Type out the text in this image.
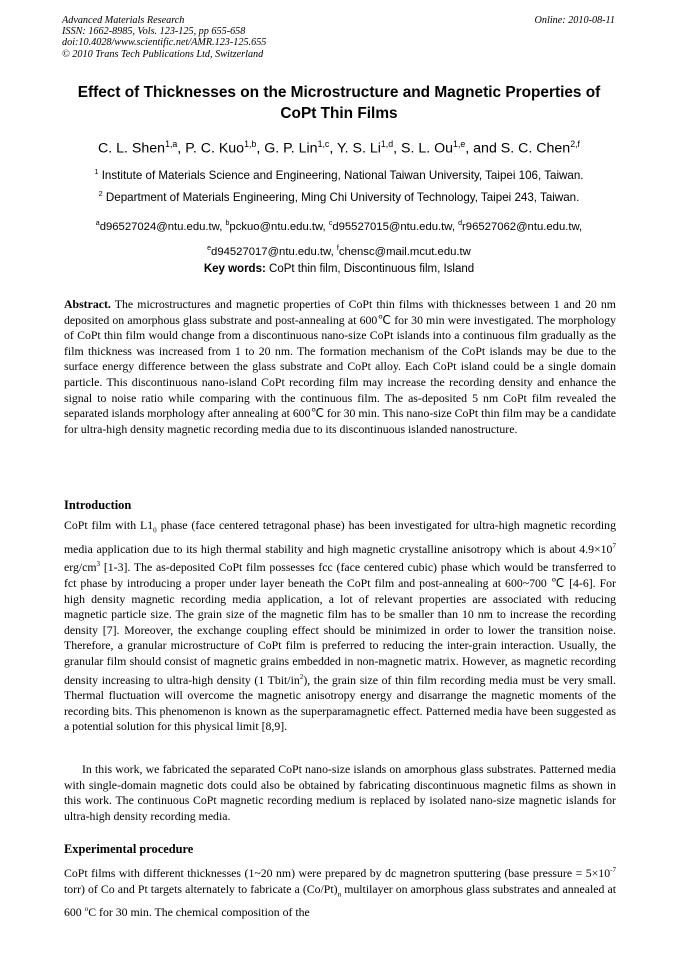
Advanced Materials Research
ISSN: 1662-8985, Vols. 123-125, pp 655-658
doi:10.4028/www.scientific.net/AMR.123-125.655
© 2010 Trans Tech Publications Ltd, Switzerland
Online: 2010-08-11
Effect of Thicknesses on the Microstructure and Magnetic Properties of
CoPt Thin Films
C. L. Shen$^{1,a}$, P. C. Kuo$^{1,b}$, G. P. Lin$^{1,c}$, Y. S. Li$^{1,d}$, S. L. Ou$^{1,e}$, and S. C. Chen$^{2,f}$
$^1$ Institute of Materials Science and Engineering, National Taiwan University, Taipei 106, Taiwan.
$^2$ Department of Materials Engineering, Ming Chi University of Technology, Taipei 243, Taiwan.
$^a$d96527024@ntu.edu.tw, $^b$pckuo@ntu.edu.tw, $^c$d95527015@ntu.edu.tw, $^d$r96527062@ntu.edu.tw,
$^e$d94527017@ntu.edu.tw, $^f$chensc@mail.mcut.edu.tw
Key words: CoPt thin film, Discontinuous film, Island

Abstract. The microstructures and magnetic properties of CoPt thin films with thicknesses between 1 and 20 nm deposited on amorphous glass substrate and post-annealing at 600℃ for 30 min were investigated. The morphology of CoPt thin film would change from a discontinuous nano-size CoPt islands into a continuous film gradually as the film thickness was increased from 1 to 20 nm. The formation mechanism of the CoPt islands may be due to the surface energy difference between the glass substrate and CoPt alloy. Each CoPt island could be a single domain particle. This discontinuous nano-island CoPt recording film may increase the recording density and enhance the signal to noise ratio while comparing with the continuous film. The as-deposited 5 nm CoPt film revealed the separated islands morphology after annealing at 600℃ for 30 min. This nano-size CoPt thin film may be a candidate for ultra-high density magnetic recording media due to its discontinuous islanded nanostructure.

Introduction

CoPt film with $L1_0$ phase (face centered tetragonal phase) has been investigated for ultra-high magnetic recording media application due to its high thermal stability and high magnetic crystalline anisotropy which is about $4.9\times 10^7$ erg/$cm^3$ [1-3]. The as-deposited CoPt film possesses fcc (face centered cubic) phase which would be transferred to fct phase by introducing a proper under layer beneath the CoPt film and post-annealing at 600~700 ℃ [4-6]. For high density magnetic recording media application, a lot of relevant properties are associated with reducing magnetic particle size. The grain size of the magnetic film has to be smaller than 10 nm to increase the recording density [7]. Moreover, the exchange coupling effect should be minimized in order to lower the transition noise. Therefore, a granular microstructure of CoPt film is preferred to reducing the inter-grain interaction. Usually, the granular film should consist of magnetic grains embedded in non-magnetic matrix. However, as magnetic recording density increasing to ultra-high density (1 Tbit/$in^2$), the grain size of thin film recording media must be very small. Thermal fluctuation will overcome the magnetic anisotropy energy and disarrange the magnetic moments of the recording bits. This phenomenon is known as the superparamagnetic effect. Patterned media have been suggested as a potential solution for this physical limit [8,9].

In this work, we fabricated the separated CoPt nano-size islands on amorphous glass substrates. Patterned media with single-domain magnetic dots could also be obtained by fabricating discontinuous magnetic films as shown in this work. The continuous CoPt magnetic recording medium is replaced by isolated nano-size magnetic islands for ultra-high density recording media.

Experimental procedure

CoPt films with different thicknesses (1~20 nm) were prepared by dc magnetron sputtering (base pressure = $5\times 10^{-7}$ torr) of Co and Pt targets alternately to fabricate a $(Co/Pt)_n$ multilayer on amorphous glass substrates and annealed at 600 $^o$C for 30 min. The chemical composition of the
